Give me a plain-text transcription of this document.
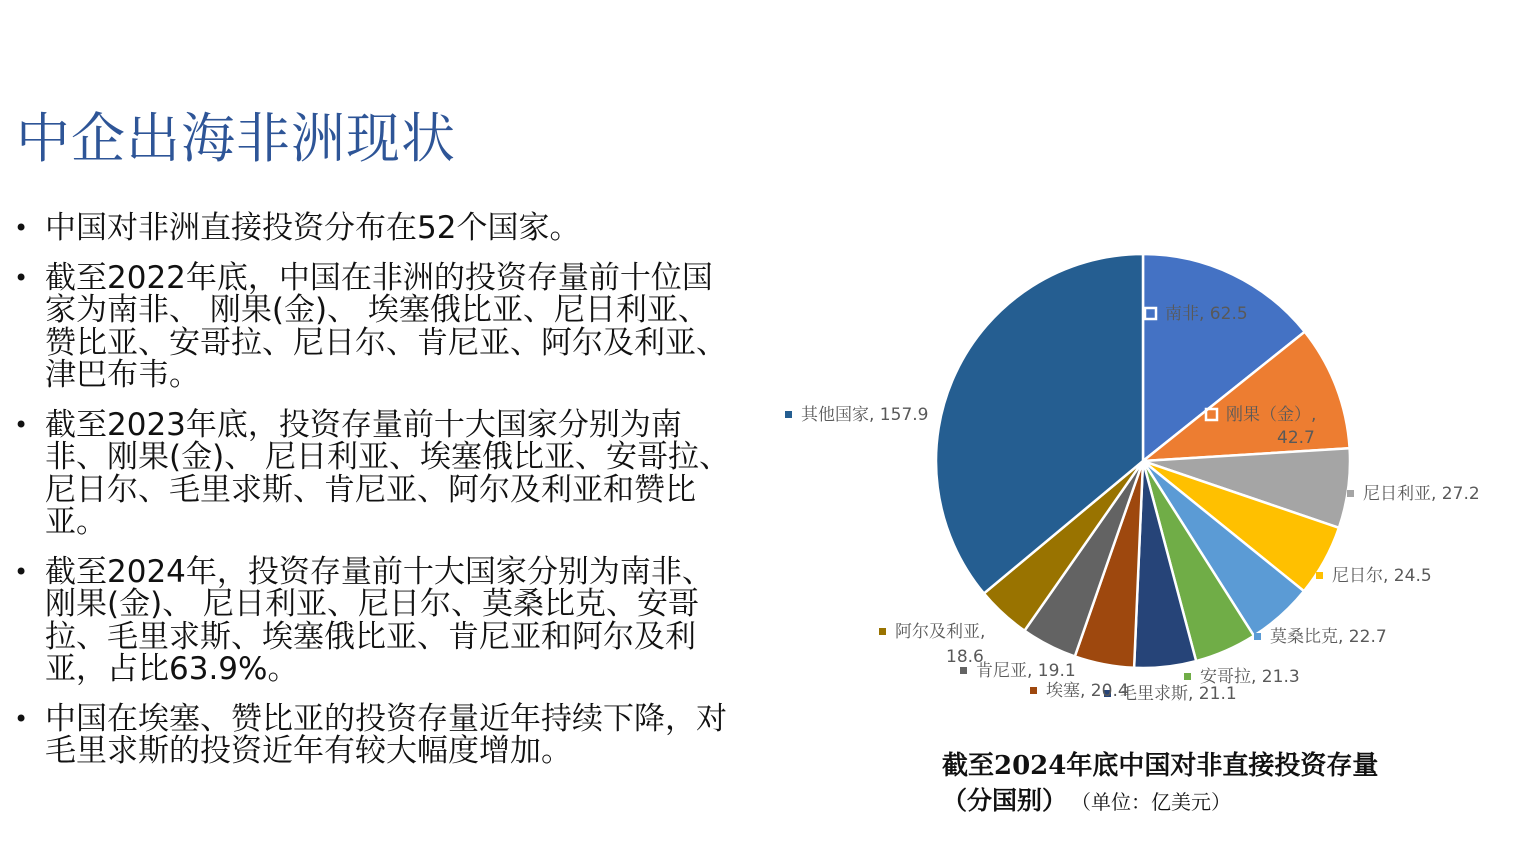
中企出海非洲现状
• 中国对非洲直接投资分布在52个国家。
• 截至2022年底，中国在非洲的投资存量前十位国家为南非、 刚果(金)、 埃塞俄比亚、尼日利亚、赞比亚、安哥拉、尼日尔、肯尼亚、阿尔及利亚、津巴布韦。
• 截至2023年底，投资存量前十大国家分别为南非、刚果(金)、 尼日利亚、埃塞俄比亚、安哥拉、尼日尔、毛里求斯、肯尼亚、阿尔及利亚和赞比亚。
• 截至2024年，投资存量前十大国家分别为南非、刚果(金)、 尼日利亚、尼日尔、莫桑比克、安哥拉、毛里求斯、埃塞俄比亚、肯尼亚和阿尔及利亚，占比63.9%。
• 中国在埃塞、赞比亚的投资存量近年持续下降，对毛里求斯的投资近年有较大幅度增加。
南非, 62.5
刚果（金）,
42.7
尼日利亚, 27.2
尼日尔, 24.5
莫桑比克, 22.7
安哥拉, 21.3
毛里求斯, 21.1
埃塞, 20.4
肯尼亚, 19.1
阿尔及利亚,
18.6
其他国家, 157.9
截至2024年底中国对非直接投资存量
（分国别） （单位：亿美元）
